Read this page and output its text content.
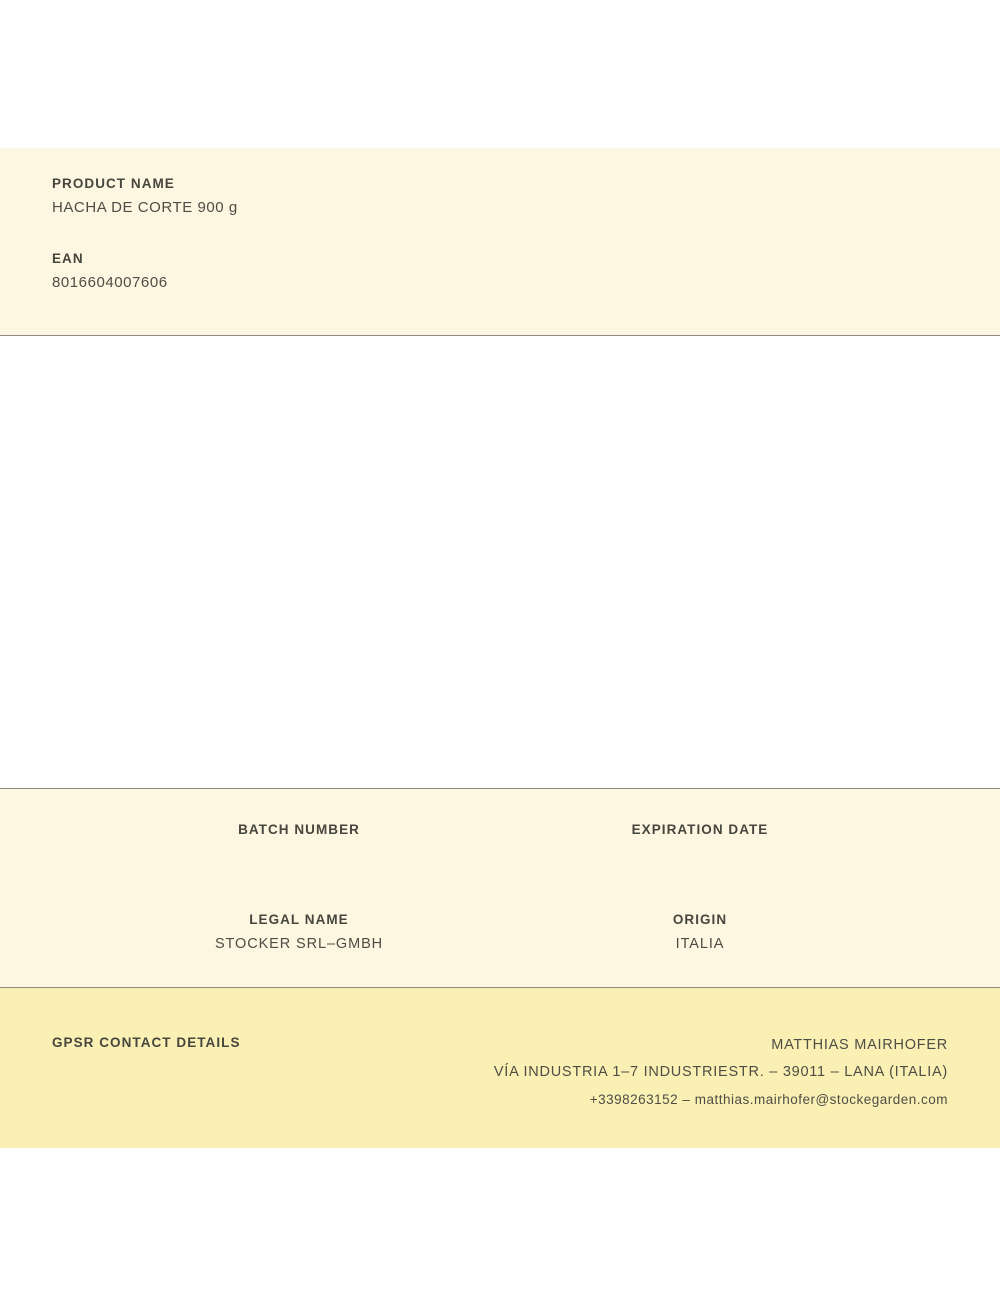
PRODUCT NAME
HACHA DE CORTE 900 g
EAN
8016604007606
BATCH NUMBER	EXPIRATION DATE
LEGAL NAME
STOCKER SRL–GMBH
ORIGIN
ITALIA
GPSR CONTACT DETAILS	MATTHIAS MAIRHOFER
VÍA INDUSTRIA 1–7 INDUSTRIESTR. – 39011 – LANA (ITALIA)
+3398263152 – matthias.mairhofer@stockegarden.com
